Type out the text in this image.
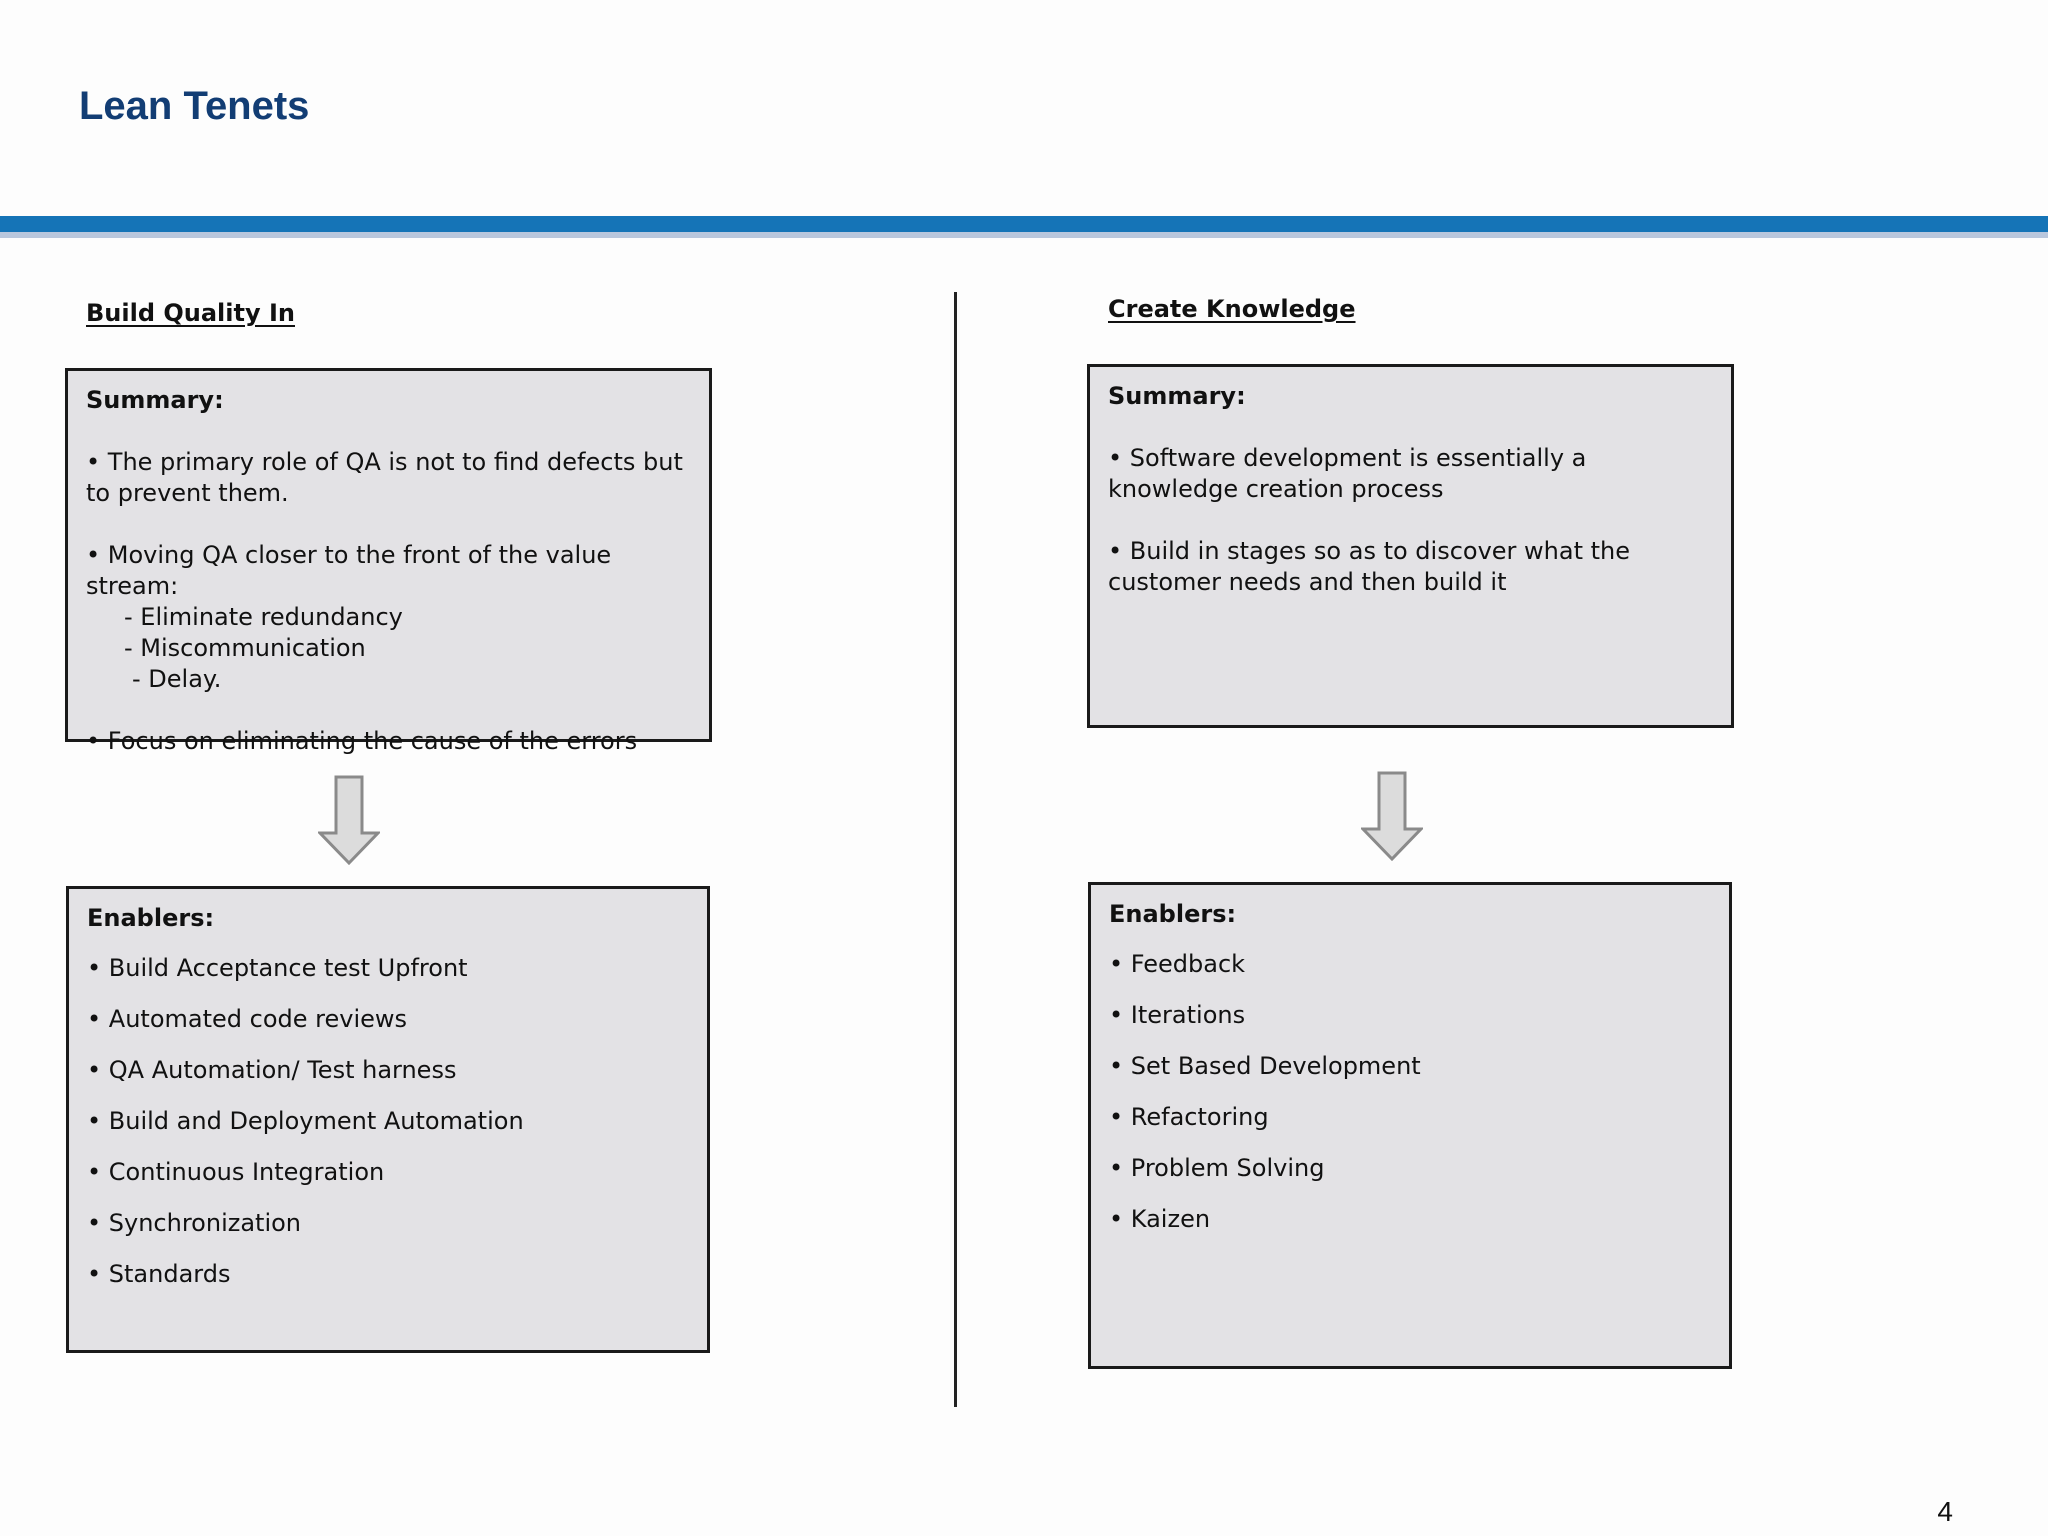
Lean Tenets
Build Quality In
Summary:
• The primary role of QA is not to find defects but to prevent them.
• Moving QA closer to the front of the value stream:
- Eliminate redundancy
- Miscommunication
- Delay.
• Focus on eliminating the cause of the errors
Enablers:
• Build Acceptance test Upfront
• Automated code reviews
• QA Automation/ Test harness
• Build and Deployment Automation
• Continuous Integration
• Synchronization
• Standards
Create Knowledge
Summary:
• Software development is essentially a knowledge creation process
• Build in stages so as to discover what the customer needs and then build it
Enablers:
• Feedback
• Iterations
• Set Based Development
• Refactoring
• Problem Solving
• Kaizen
4
